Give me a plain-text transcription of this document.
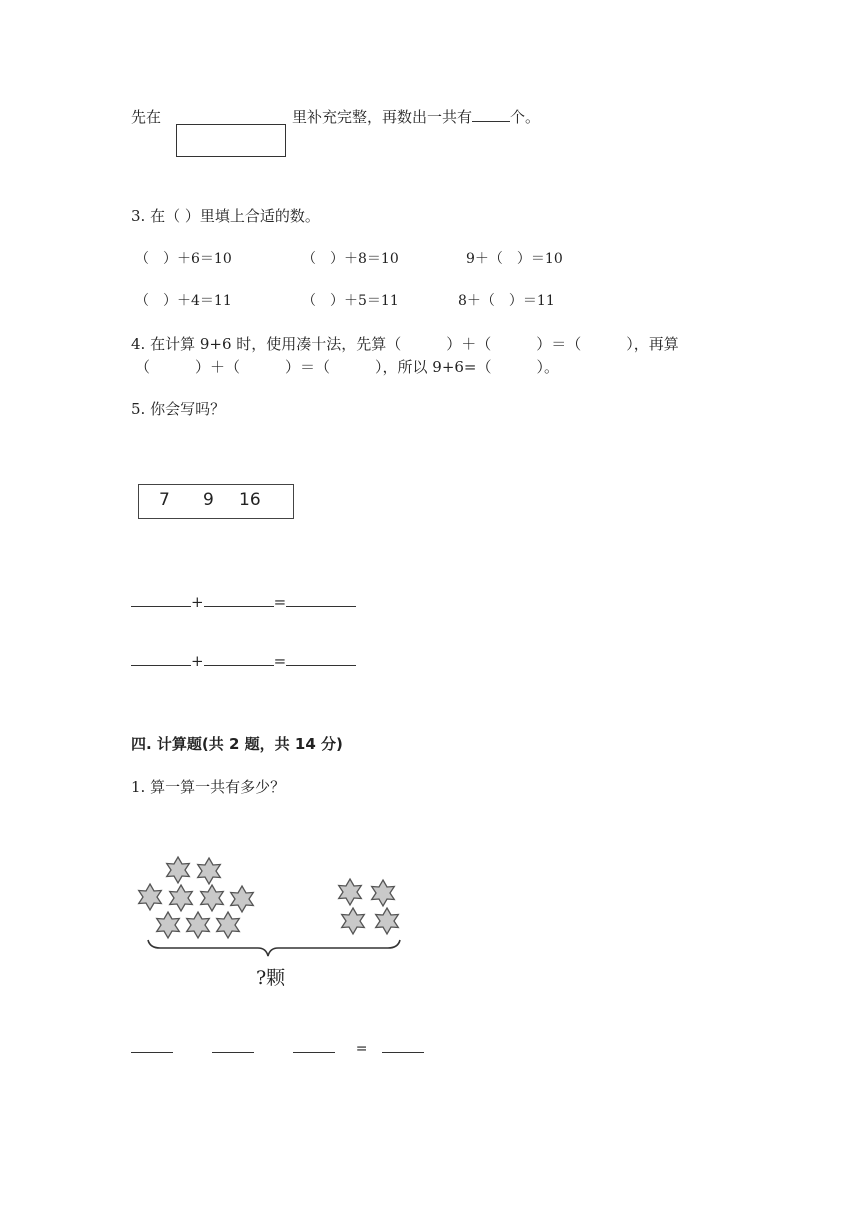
先在	里补充完整，再数出一共有	个。
3. 在（ ）里填上合适的数。
（　）＋6＝10	（　）＋8＝10	9＋（　）＝10
（　）＋4＝11	（　）＋5＝11	8＋（　）＝11
4. 在计算 9+6 时，使用凑十法，先算（　　　）＋（　　　）＝（　　　），再算
（　　　）＋（　　　）＝（　　　），所以 9+6=（　　　）。
5. 你会写吗？
7 9 16
+	=
+	=
四. 计算题(共 2 题，共 14 分)
1. 算一算一共有多少？
?颗
=
